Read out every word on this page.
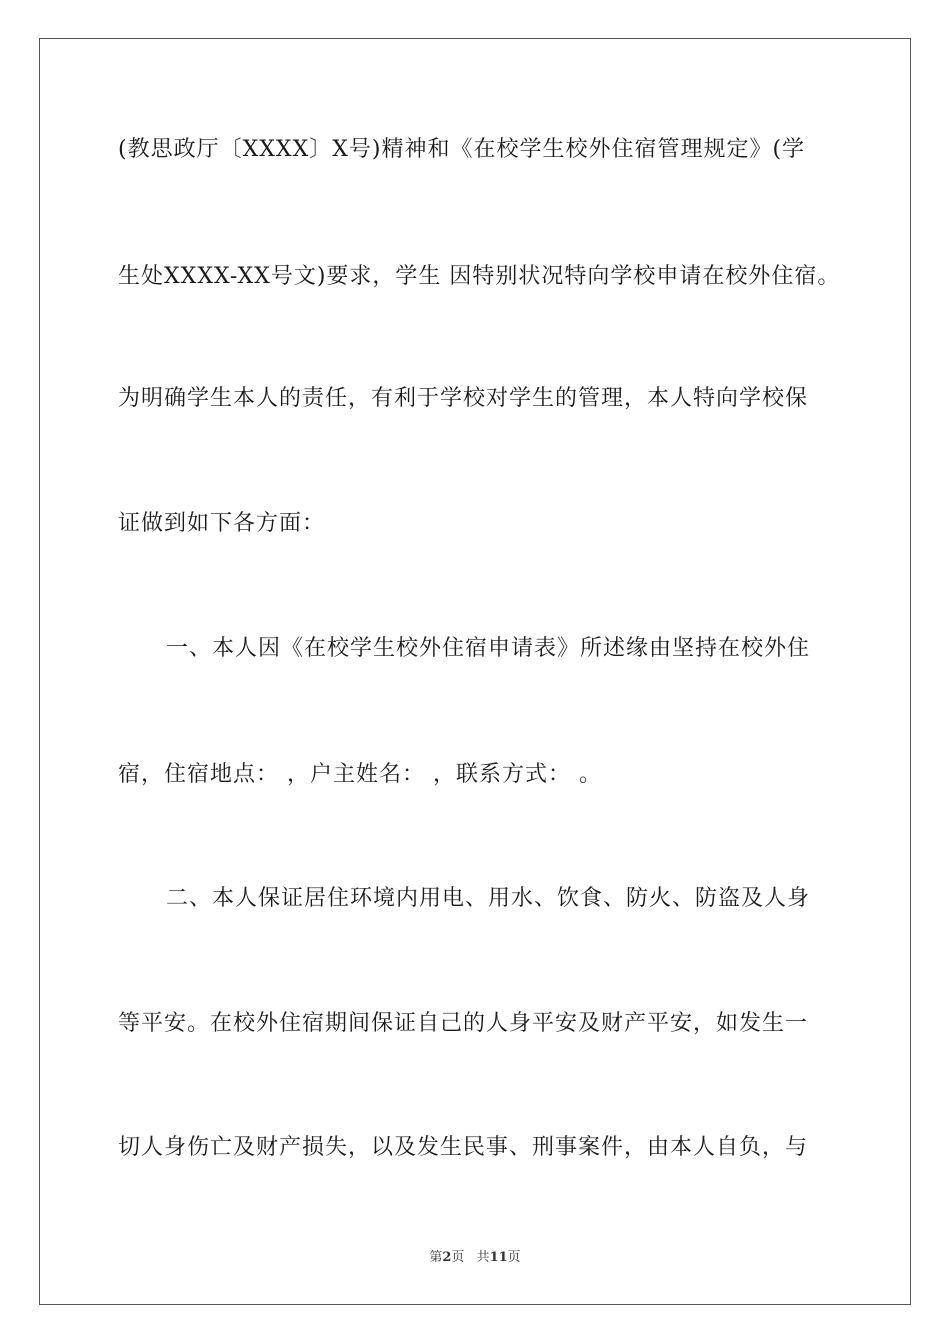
(教思政厅〔XXXX〕X号)精神和《在校学生校外住宿管理规定》(学
生处XXXX-XX号文)要求，学生 因特别状况特向学校申请在校外住宿。
为明确学生本人的责任，有利于学校对学生的管理，本人特向学校保
证做到如下各方面：
一、本人因《在校学生校外住宿申请表》所述缘由坚持在校外住
宿，住宿地点： ，户主姓名： ，联系方式： 。
二、本人保证居住环境内用电、用水、饮食、防火、防盗及人身
等平安。在校外住宿期间保证自己的人身平安及财产平安，如发生一
切人身伤亡及财产损失，以及发生民事、刑事案件，由本人自负，与
第2页 共11页
